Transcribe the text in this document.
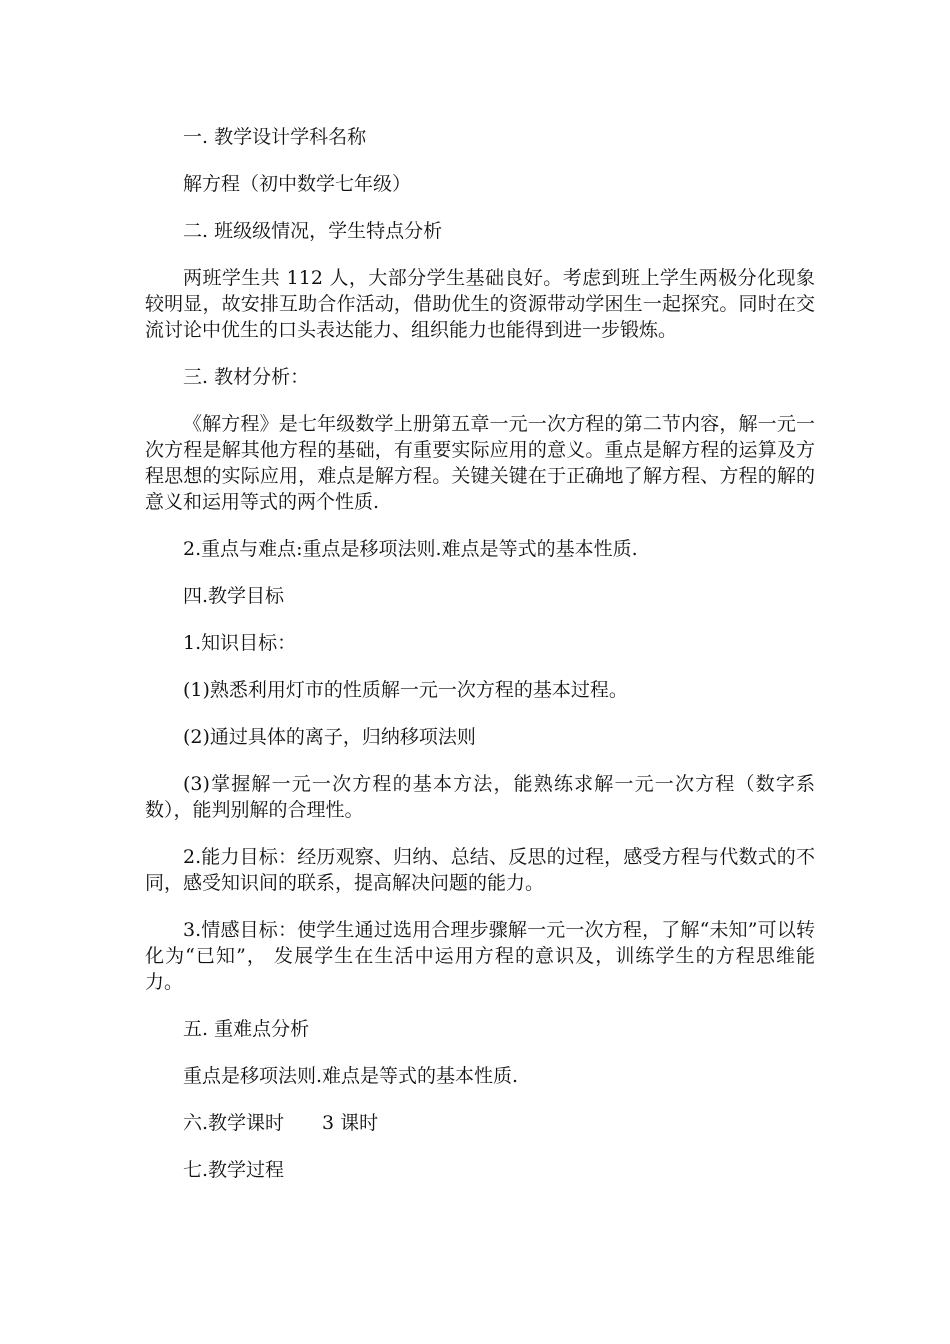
一. 教学设计学科名称

解方程（初中数学七年级）

二. 班级级情况，学生特点分析

两班学生共 112 人，大部分学生基础良好。考虑到班上学生两极分化现象较明显，故安排互助合作活动，借助优生的资源带动学困生一起探究。同时在交流讨论中优生的口头表达能力、组织能力也能得到进一步锻炼。

三. 教材分析：

《解方程》是七年级数学上册第五章一元一次方程的第二节内容，解一元一次方程是解其他方程的基础，有重要实际应用的意义。重点是解方程的运算及方程思想的实际应用，难点是解方程。关键关键在于正确地了解方程、方程的解的意义和运用等式的两个性质.

2.重点与难点:重点是移项法则.难点是等式的基本性质.

四.教学目标

1.知识目标：

(1)熟悉利用灯市的性质解一元一次方程的基本过程。

(2)通过具体的离子，归纳移项法则

(3)掌握解一元一次方程的基本方法，能熟练求解一元一次方程（数字系数），能判别解的合理性。

2.能力目标：经历观察、归纳、总结、反思的过程，感受方程与代数式的不同，感受知识间的联系，提高解决问题的能力。

3.情感目标：使学生通过选用合理步骤解一元一次方程，了解“未知”可以转化为“已知”， 发展学生在生活中运用方程的意识及，训练学生的方程思维能力。

五. 重难点分析

重点是移项法则.难点是等式的基本性质.

六.教学课时　　3 课时

七.教学过程
